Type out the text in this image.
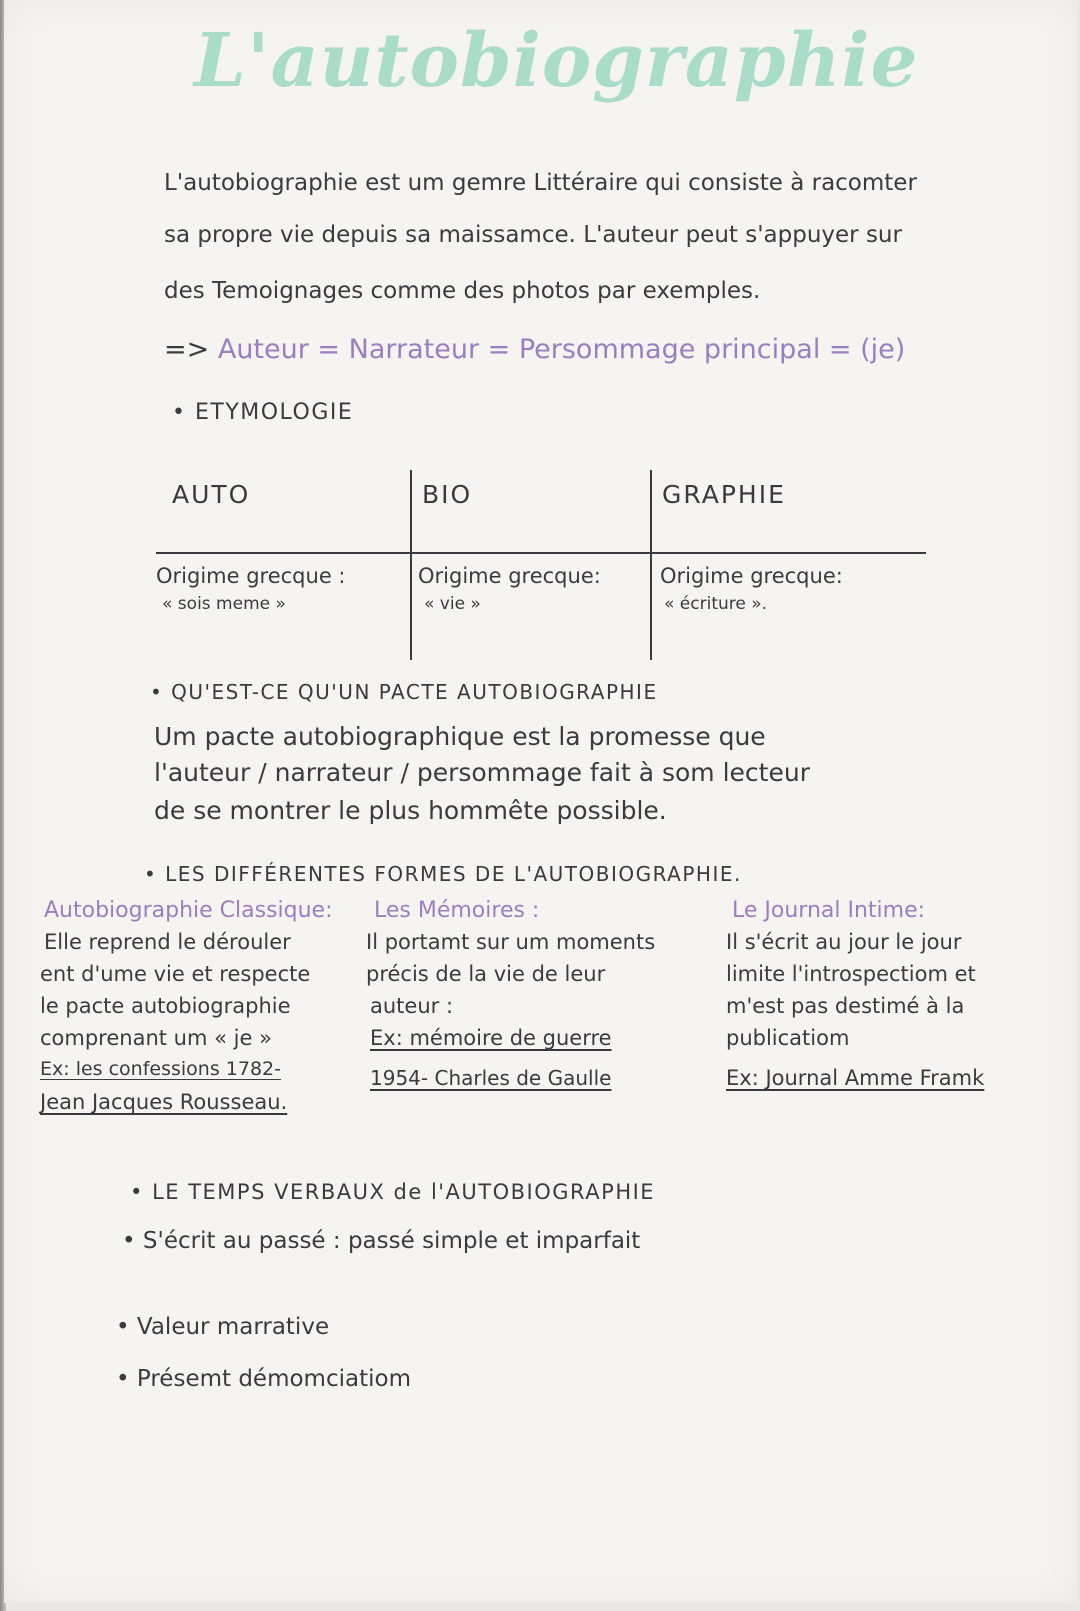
L'autobiographie
L'autobiographie est um gemre Littéraire qui consiste à racomter
sa propre vie depuis sa maissamce. L'auteur peut s'appuyer sur
des Temoignages comme des photos par exemples.
=> Auteur = Narrateur = Persommage principal = (je)
• ETYMOLOGIE
AUTO	BIO	GRAPHIE
Origime grecque :
« sois meme »
Origime grecque:
« vie »
Origime grecque:
« écriture ».
• QU'EST-CE QU'UN PACTE AUTOBIOGRAPHIE
Um pacte autobiographique est la promesse que
l'auteur / narrateur / persommage fait à som lecteur
de se montrer le plus hommête possible.
• LES DIFFÉRENTES FORMES DE L'AUTOBIOGRAPHIE.
Autobiographie Classique:
Elle reprend le dérouler
ent d'ume vie et respecte
le pacte autobiographie
comprenant um « je »
Ex: les confessions 1782-
Jean Jacques Rousseau.
Les Mémoires :
Il portamt sur um moments
précis de la vie de leur
auteur :
Ex: mémoire de guerre
1954- Charles de Gaulle
Le Journal Intime:
Il s'écrit au jour le jour
limite l'introspectiom et
m'est pas destimé à la
publicatiom
Ex: Journal Amme Framk
• LE TEMPS VERBAUX de l'AUTOBIOGRAPHIE
• S'écrit au passé : passé simple et imparfait
• Valeur marrative
• Présemt démomciatiom
